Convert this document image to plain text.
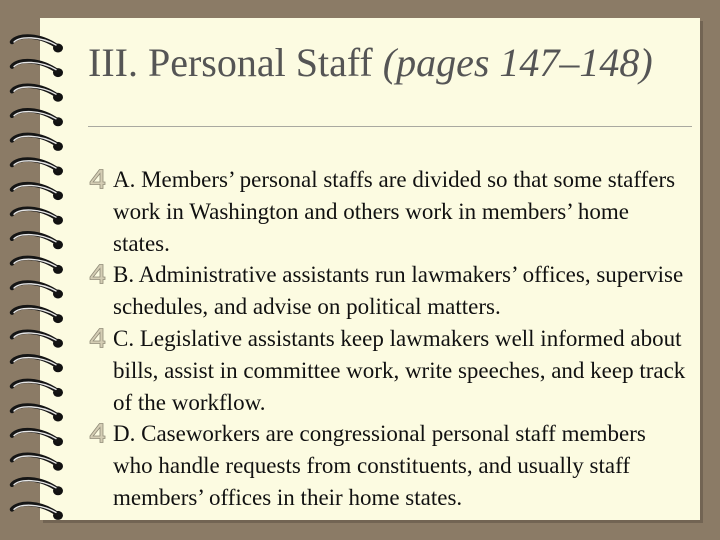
III. Personal Staff (pages 147–148)
A. Members’ personal staffs are divided so that some staffers work in Washington and others work in members’ home states.
B. Administrative assistants run lawmakers’ offices, supervise schedules, and advise on political matters.
C. Legislative assistants keep lawmakers well informed about bills, assist in committee work, write speeches, and keep track of the workflow.
D. Caseworkers are congressional personal staff members who handle requests from constituents, and usually staff members’ offices in their home states.
